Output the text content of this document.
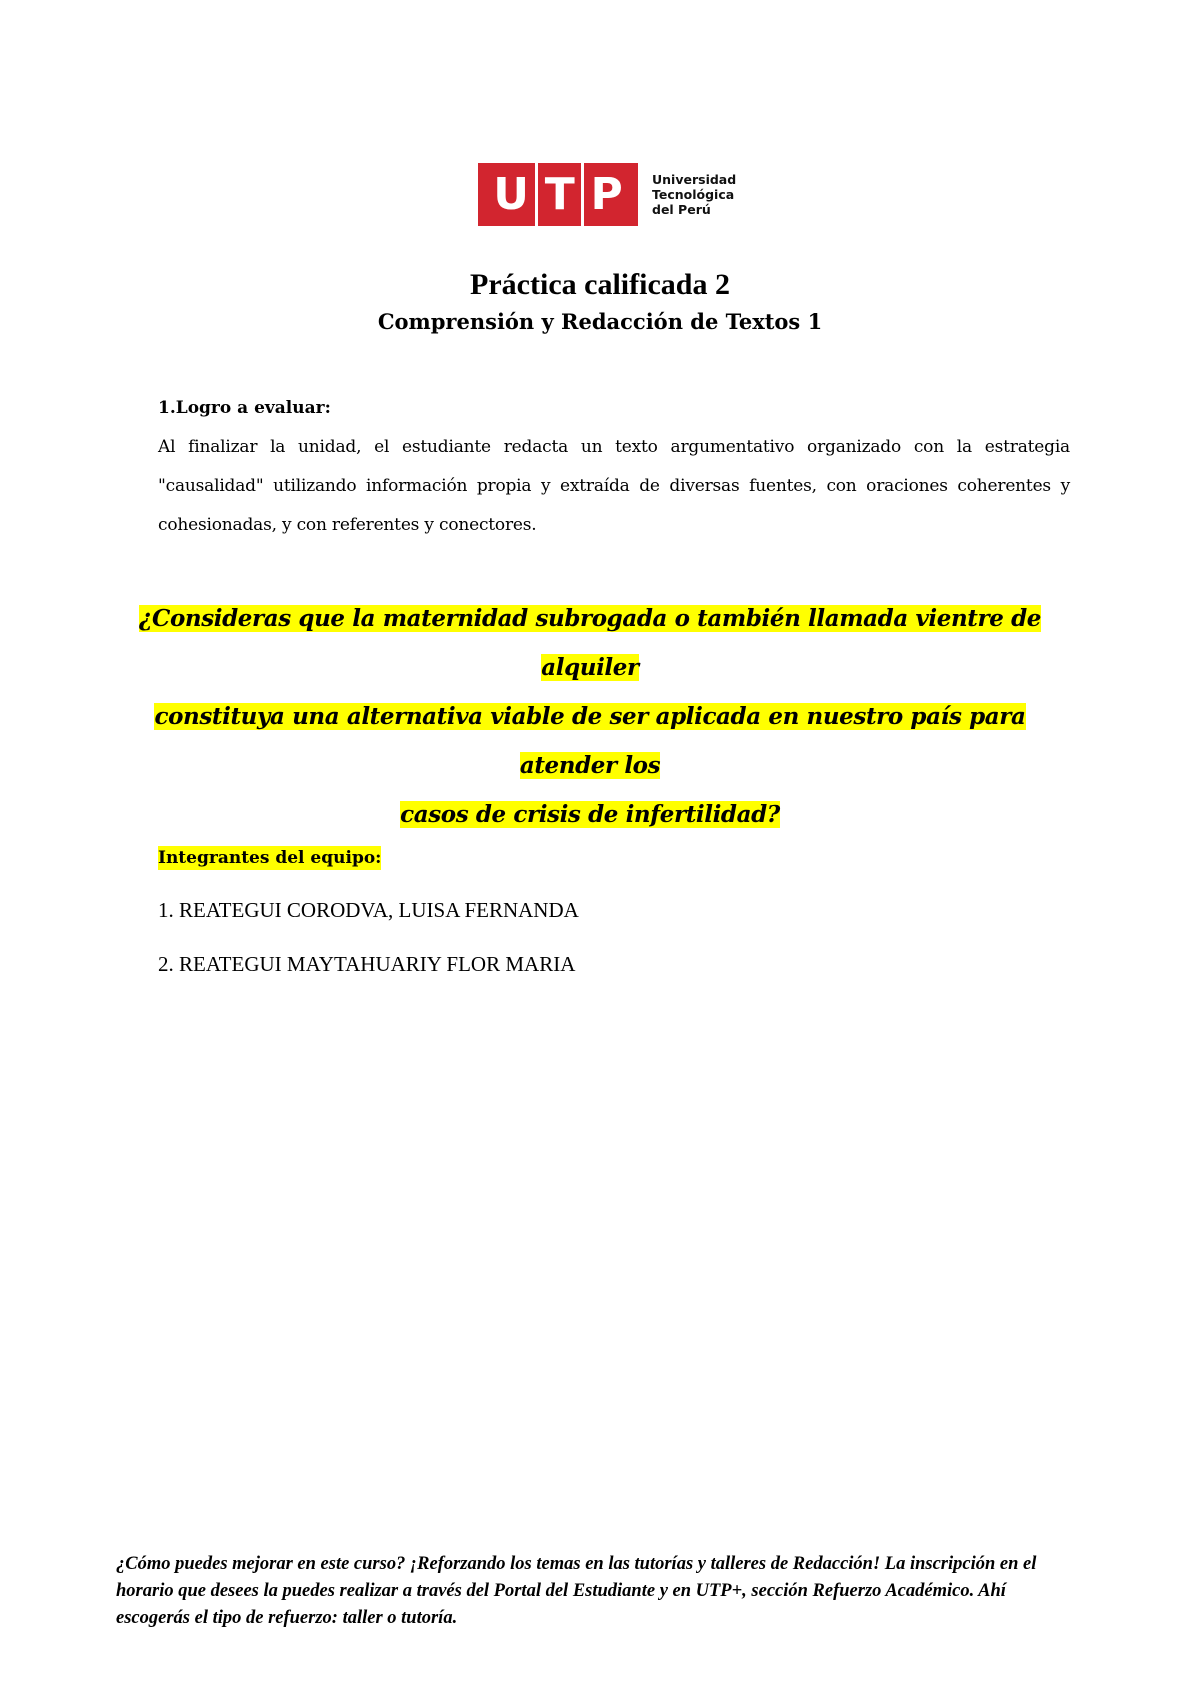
U T P Universidad
Tecnológica
del Perú
Práctica calificada 2
Comprensión y Redacción de Textos 1
1.Logro a evaluar:
Al finalizar la unidad, el estudiante redacta un texto argumentativo organizado con la estrategia "causalidad" utilizando información propia y extraída de diversas fuentes, con oraciones coherentes y cohesionadas, y con referentes y conectores.
¿Consideras que la maternidad subrogada o también llamada vientre de alquiler
constituya una alternativa viable de ser aplicada en nuestro país para atender los
casos de crisis de infertilidad?
Integrantes del equipo:
1. REATEGUI CORODVA, LUISA FERNANDA
2. REATEGUI MAYTAHUARIY FLOR MARIA
¿Cómo puedes mejorar en este curso? ¡Reforzando los temas en las tutorías y talleres de Redacción! La inscripción en el horario que desees la puedes realizar a través del Portal del Estudiante y en UTP+, sección Refuerzo Académico. Ahí escogerás el tipo de refuerzo: taller o tutoría.
